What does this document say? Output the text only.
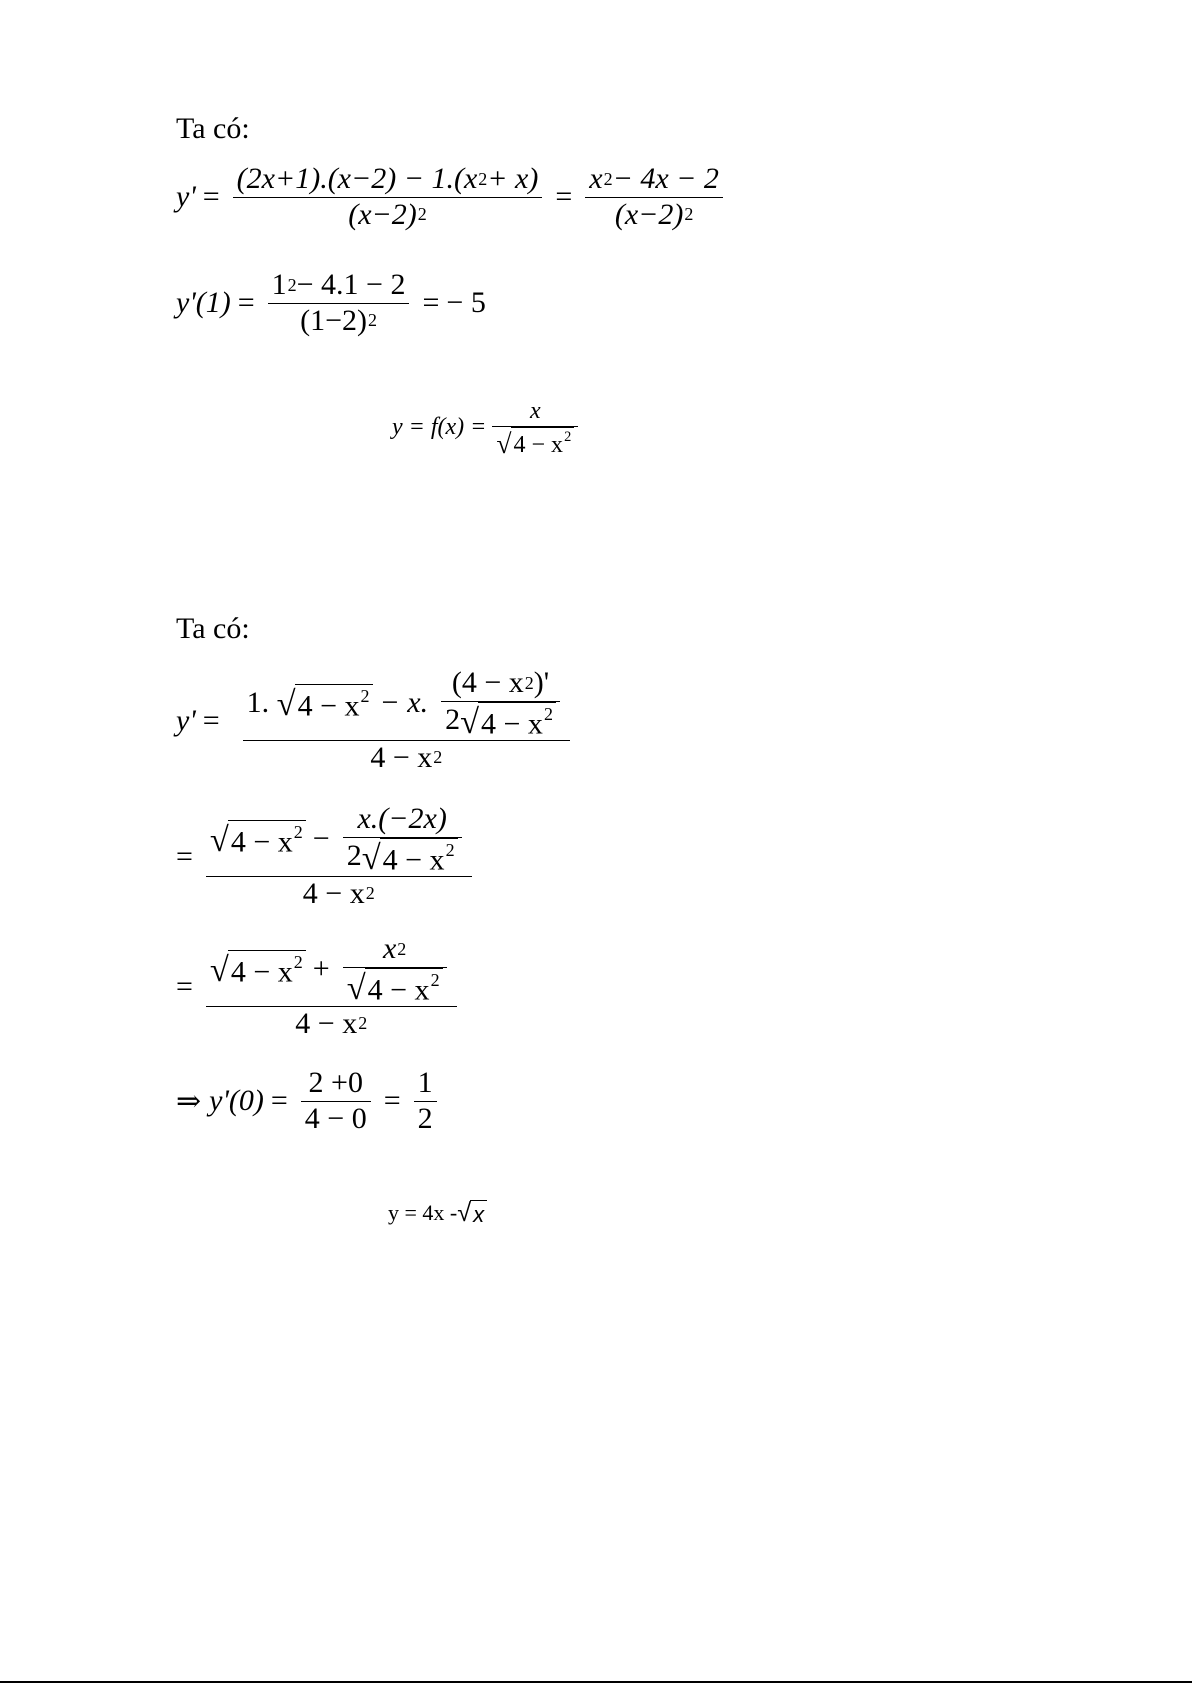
Ta có:
$y' = \frac{(2x+1).(x-2) - 1.(x 2 + x)}{(x-2) 2} = \frac{x 2 - 4x - 2}{(x-2) 2}$
$y'(1) = \frac{1 2 - 4.1 - 2}{(1-2) 2}$ = − 5
$y = f(x) = \frac{x}{√ 4 - x^2}$
Ta có:
y' =
1.
√ $4 - x^2 - x$. $\frac{(4 - x 2 )'}{2 √ 4 - x^2}$
4 − x 2
= √ $4 - x^2 - \frac{x.(-2x)}{2 √ 4 - x^2}$
4 − x 2
= $\frac{√ 4 - x^2 + \frac{x 2}{√ 4 - x^2}}{4 - x 2}$
⇒ $y'(0) = \frac{2 +0}{4 - 0} = \frac{1}{2}$
y = 4x - √ x
